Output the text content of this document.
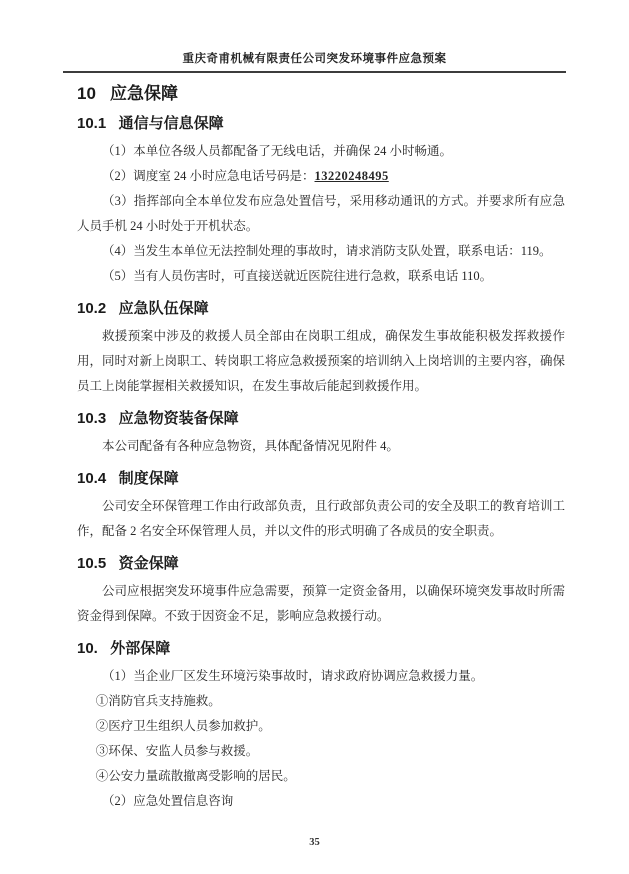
重庆奇甫机械有限责任公司突发环境事件应急预案
10 应急保障
10.1 通信与信息保障

（1）本单位各级人员都配备了无线电话，并确保 24 小时畅通。

（2）调度室 24 小时应急电话号码是：13220248495

（3）指挥部向全本单位发布应急处置信号，采用移动通讯的方式。并要求所有应急人员手机 24 小时处于开机状态。

（4）当发生本单位无法控制处理的事故时，请求消防支队处置，联系电话：119。

（5）当有人员伤害时，可直接送就近医院往进行急救，联系电话 110。

10.2 应急队伍保障

救援预案中涉及的救援人员全部由在岗职工组成，确保发生事故能积极发挥救援作用，同时对新上岗职工、转岗职工将应急救援预案的培训纳入上岗培训的主要内容，确保员工上岗能掌握相关救援知识，在发生事故后能起到救援作用。

10.3 应急物资装备保障

本公司配备有各种应急物资，具体配备情况见附件 4。

10.4 制度保障

公司安全环保管理工作由行政部负责，且行政部负责公司的安全及职工的教育培训工作，配备 2 名安全环保管理人员，并以文件的形式明确了各成员的安全职责。

10.5 资金保障

公司应根据突发环境事件应急需要，预算一定资金备用，以确保环境突发事故时所需资金得到保障。不致于因资金不足，影响应急救援行动。

10. 外部保障

（1）当企业厂区发生环境污染事故时，请求政府协调应急救援力量。

①消防官兵支持施救。

②医疗卫生组织人员参加救护。

③环保、安监人员参与救援。

④公安力量疏散撤离受影响的居民。

（2）应急处置信息咨询

35
